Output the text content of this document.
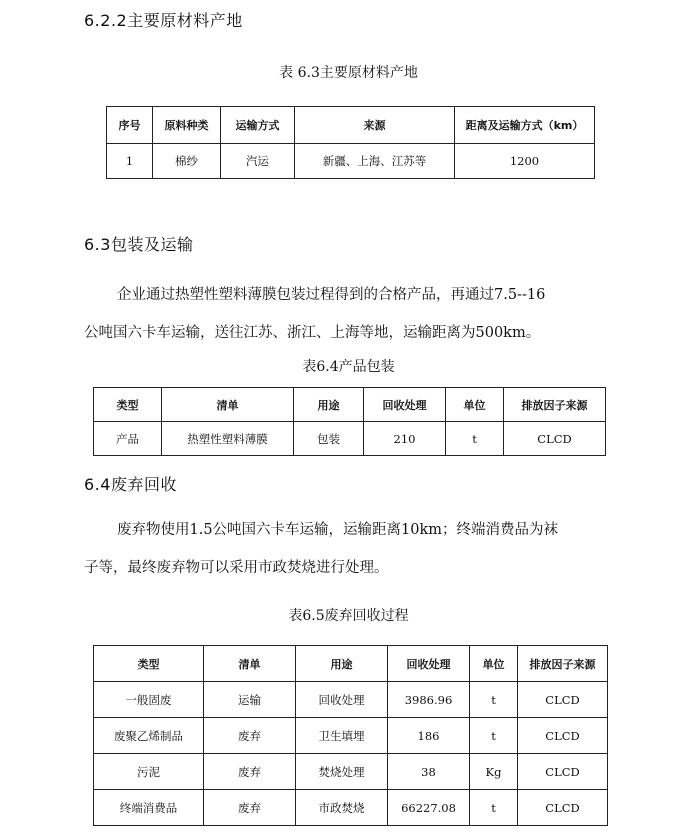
6.2.2主要原材料产地
表 6.3主要原材料产地
序号	原料种类	运输方式	来源	距离及运输方式（km）
1	棉纱	汽运	新疆、上海、江苏等	1200
6.3包装及运输
企业通过热塑性塑料薄膜包装过程得到的合格产品，再通过7.5--16
公吨国六卡车运输，送往江苏、浙江、上海等地，运输距离为500km。
表6.4产品包装
类型	清单	用途	回收处理	单位	排放因子来源
产品	热塑性塑料薄膜	包装	210	t	CLCD
6.4废弃回收
废弃物使用1.5公吨国六卡车运输，运输距离10km；终端消费品为袜
子等，最终废弃物可以采用市政焚烧进行处理。
表6.5废弃回收过程
类型	清单	用途	回收处理	单位	排放因子来源
一般固废	运输	回收处理	3986.96	t	CLCD
废聚乙烯制品	废弃	卫生填埋	186	t	CLCD
污泥	废弃	焚烧处理	38	Kg	CLCD
终端消费品	废弃	市政焚烧	66227.08	t	CLCD
